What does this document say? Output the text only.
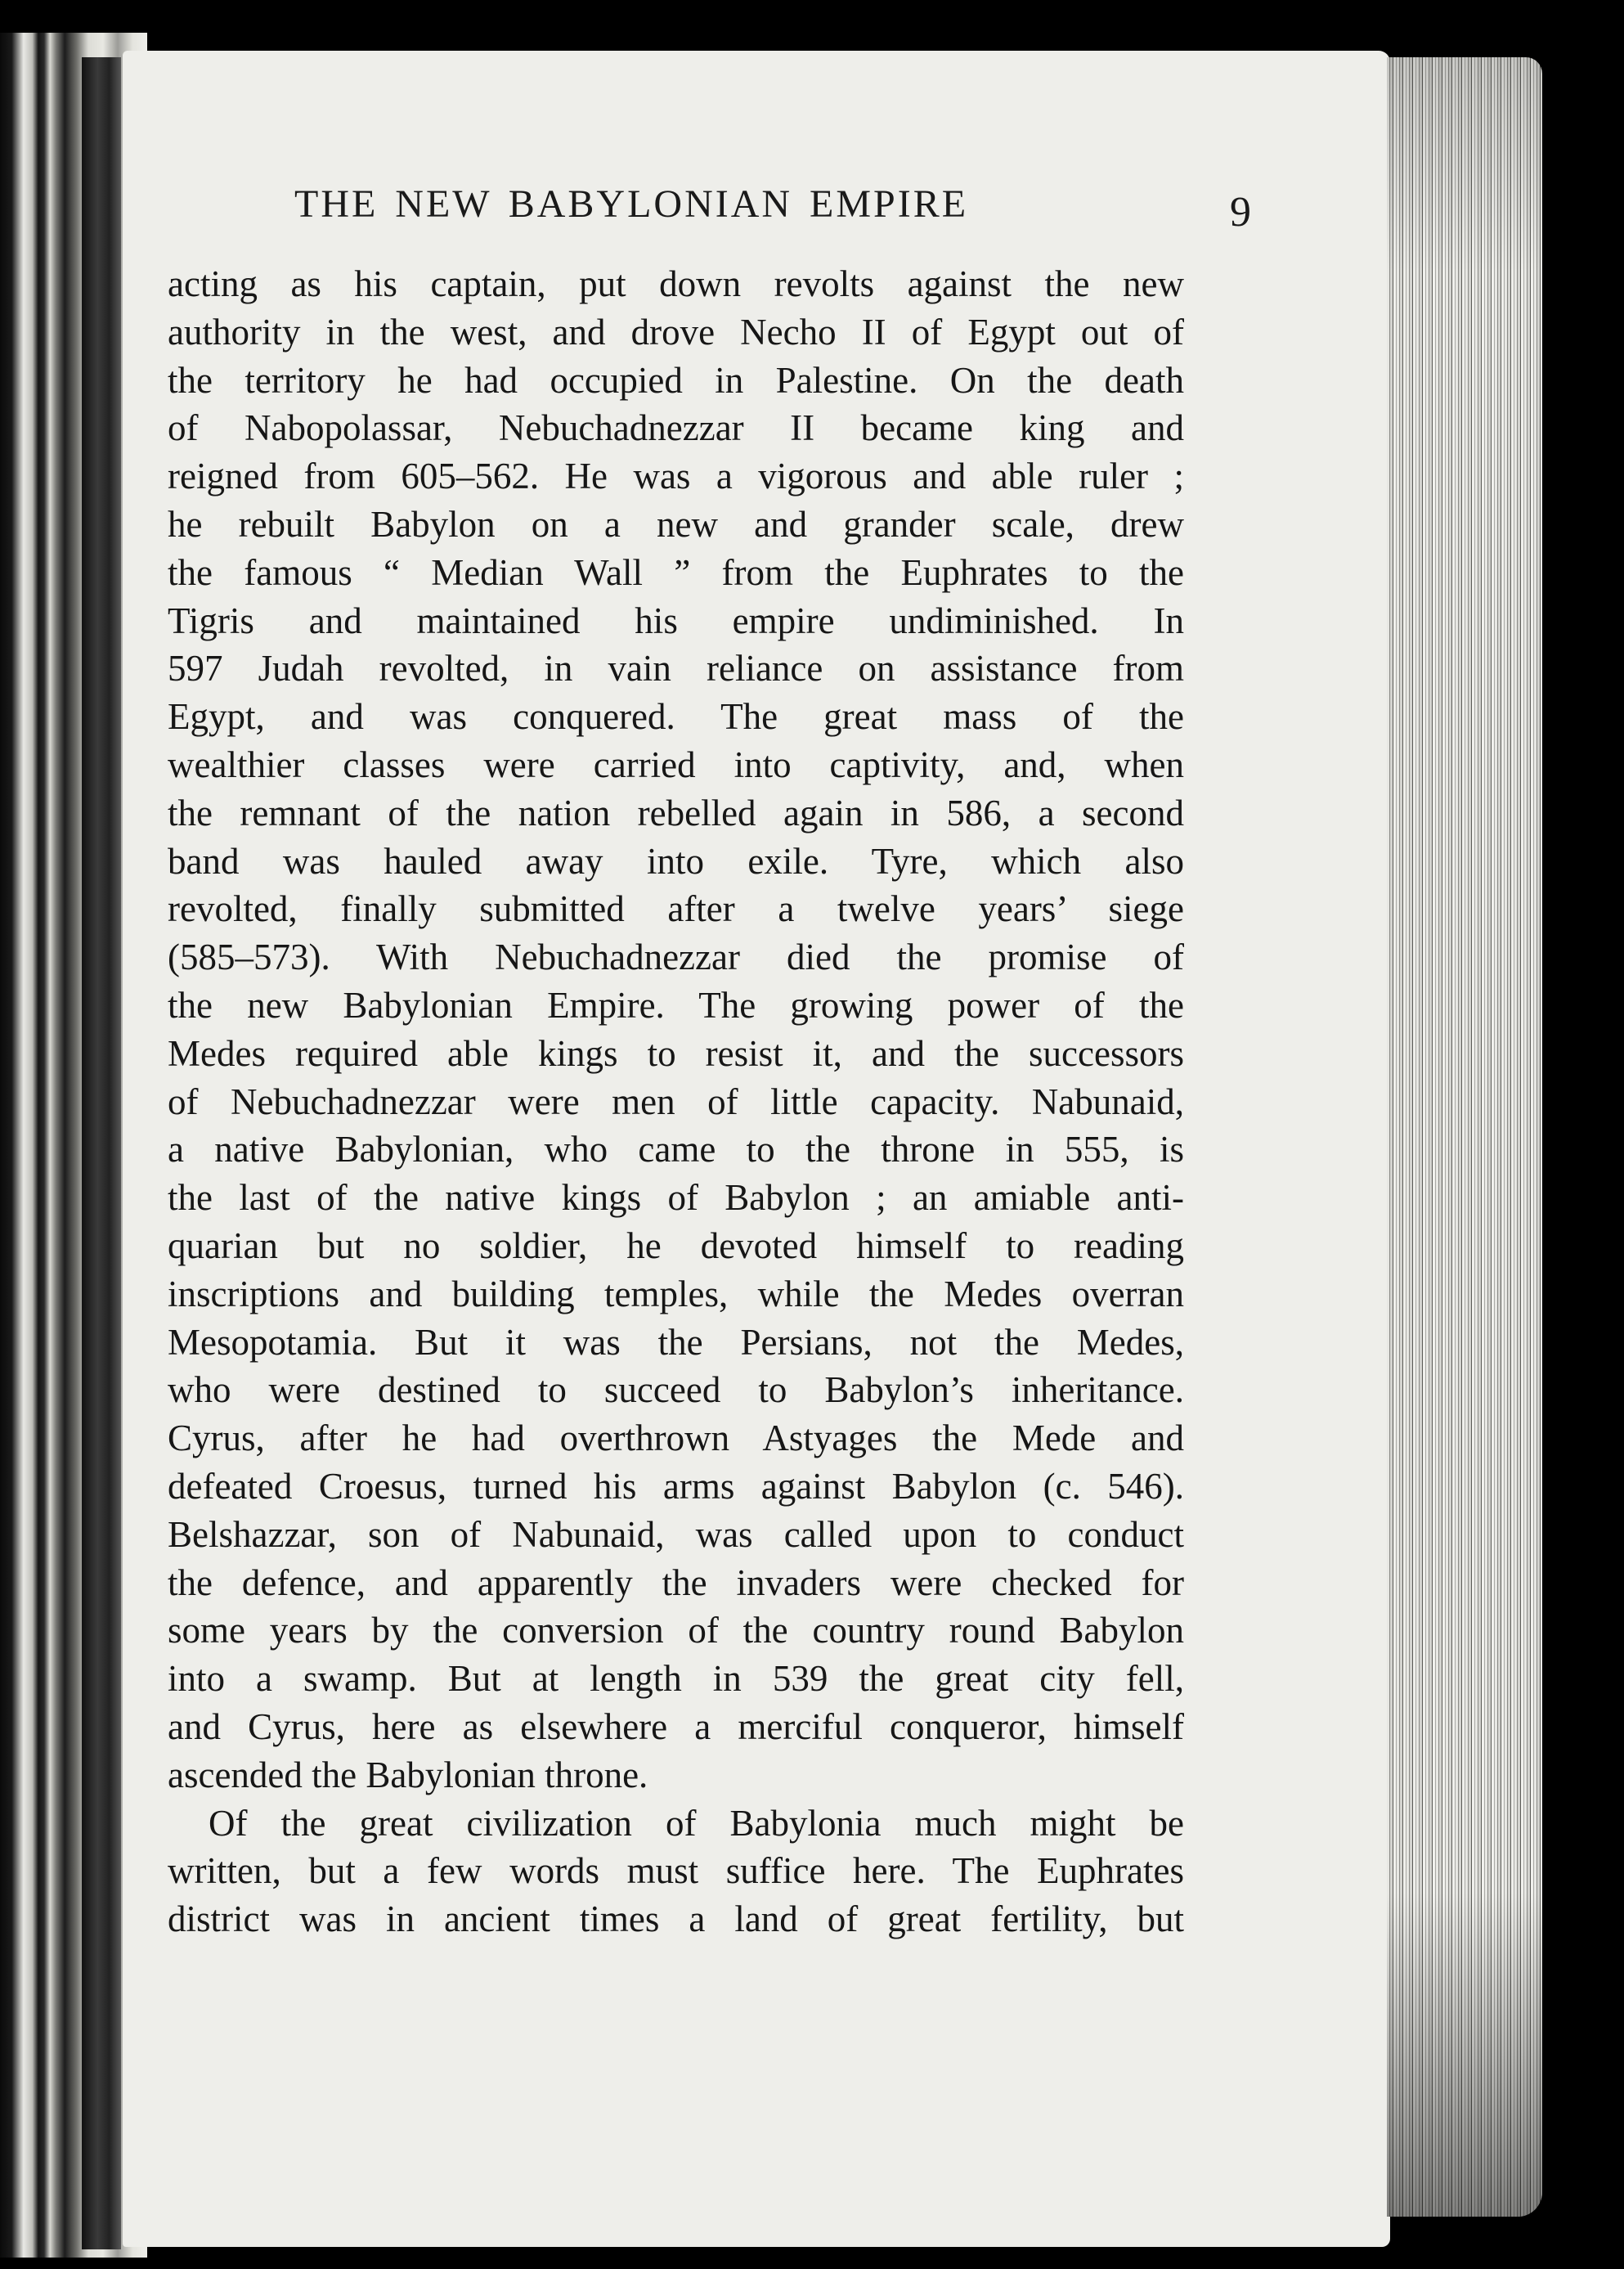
THE NEW BABYLONIAN EMPIRE	9

acting as his captain, put down revolts against the new
authority in the west, and drove Necho II of Egypt out of
the territory he had occupied in Palestine. On the death
of Nabopolassar, Nebuchadnezzar II became king and
reigned from 605–562. He was a vigorous and able ruler ;
he rebuilt Babylon on a new and grander scale, drew
the famous “ Median Wall ” from the Euphrates to the
Tigris and maintained his empire undiminished. In
597 Judah revolted, in vain reliance on assistance from
Egypt, and was conquered. The great mass of the
wealthier classes were carried into captivity, and, when
the remnant of the nation rebelled again in 586, a second
band was hauled away into exile. Tyre, which also
revolted, finally submitted after a twelve years’ siege
(585–573). With Nebuchadnezzar died the promise of
the new Babylonian Empire. The growing power of the
Medes required able kings to resist it, and the successors
of Nebuchadnezzar were men of little capacity. Nabunaid,
a native Babylonian, who came to the throne in 555, is
the last of the native kings of Babylon ; an amiable anti-
quarian but no soldier, he devoted himself to reading
inscriptions and building temples, while the Medes overran
Mesopotamia. But it was the Persians, not the Medes,
who were destined to succeed to Babylon’s inheritance.
Cyrus, after he had overthrown Astyages the Mede and
defeated Croesus, turned his arms against Babylon (c. 546).
Belshazzar, son of Nabunaid, was called upon to conduct
the defence, and apparently the invaders were checked for
some years by the conversion of the country round Babylon
into a swamp. But at length in 539 the great city fell,
and Cyrus, here as elsewhere a merciful conqueror, himself
ascended the Babylonian throne.

Of the great civilization of Babylonia much might be
written, but a few words must suffice here. The Euphrates
district was in ancient times a land of great fertility, but
